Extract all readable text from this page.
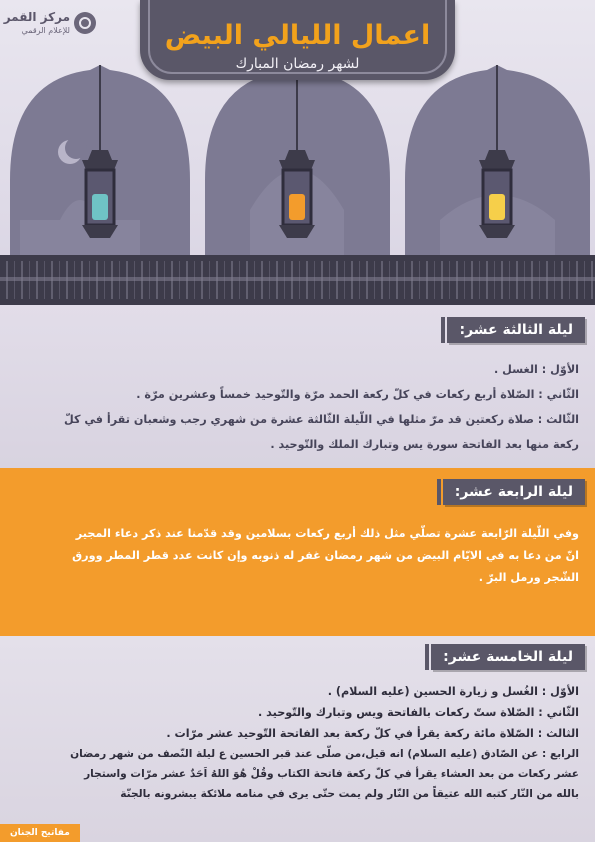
مركز القمر
للإعلام الرقمي	اعمال الليالي البيض
لشهر رمضان المبارك
ليلة الثالثة عشر:

الأوّل : الغسل .

الثّاني : الصّلاة أربع ركعات في كلّ ركعة الحمد مرّة والتّوحيد خمساً وعشرين مرّة .

الثّالث : صلاة ركعتين قد مرّ مثلها في اللّيلة الثّالثة عشرة من شهري رجب وشعبان تقرأ في كلّ

ركعة منها بعد الفاتحة سورة يس وتبارك الملك والتّوحيد .

ليلة الرابعة عشر:

وفي اللّيلة الرّابعة عشرة تصلّي مثل ذلك أربع ركعات بسلامين وقد قدّمنا عند ذكر دعاء المجير

انّ من دعا به في الايّام البيض من شهر رمضان غفر له ذنوبه وإن كانت عدد قطر المطر وورق

الشّجر ورمل البرّ .

ليلة الخامسة عشر:

الأوّل : الغُسل و زيارة الحسين (عليه السلام) .

الثّاني : الصّلاة ستّ ركعات بالفاتحة ويس وتبارك والتّوحيد .

الثالث : الصّلاة مائة ركعة يقرأ في كلّ ركعة بعد الفاتحة التّوحيد عشر مرّات .

الرابع : عن الصّادق (عليه السلام) انه قيل،من صلّى عند قبر الحسين ع ليلة النّصف من شهر رمضان

عشر ركعات من بعد العشاء يقرأ في كلّ ركعة فاتحة الكتاب وقُلْ هُوَ اللهُ اَحَدٌ عشر مرّات واستجار

بالله من النّار كتبه الله عتيقاً من النّار ولم يمت حتّى يرى في منامه ملائكة يبشرونه بالجنّة

مفاتيح الجنان
